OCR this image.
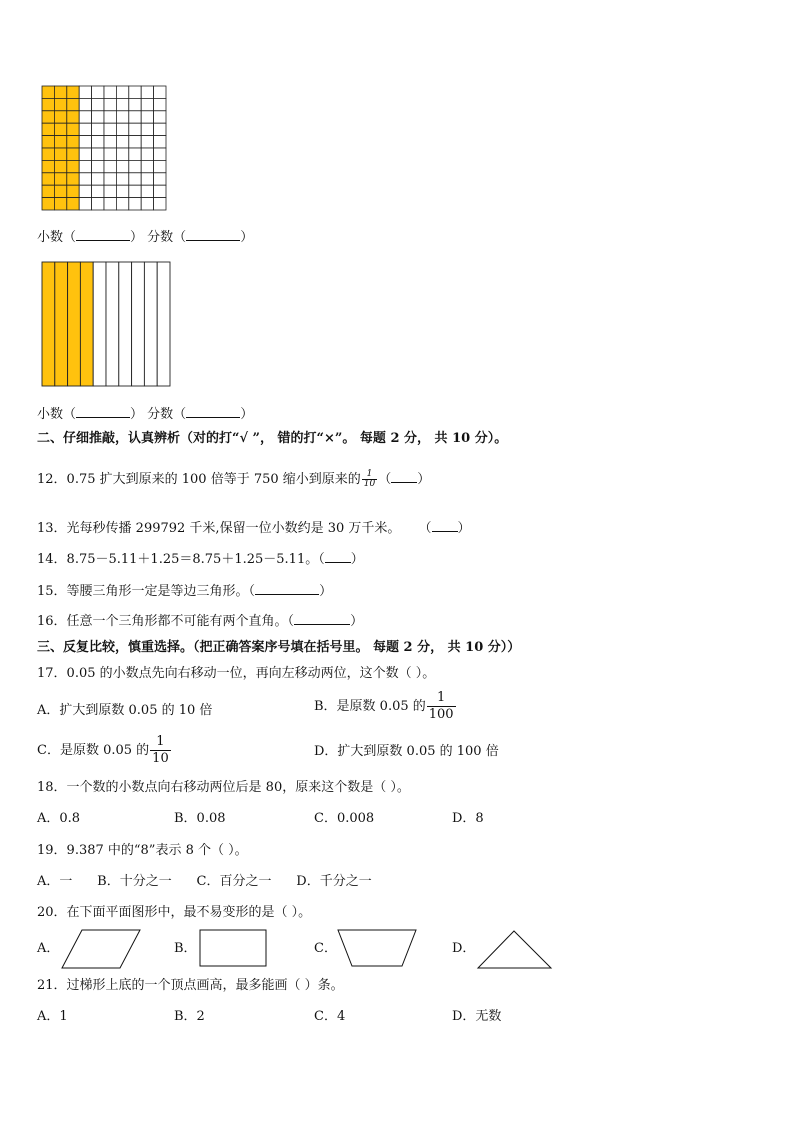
小数（	） 分数（	）
小数（	） 分数（	）
二、仔细推敲，认真辨析（对的打“√ ”， 错的打“×”。 每题 2 分， 共 10 分）。
12．0.75 扩大到原来的 100 倍等于 750 缩小到原来的 $\frac{1}{10}$ （ ）
13．光每秒传播 299792 千米,保留一位小数约是 30 万千米。 （ ）
14．8.75－5.11＋1.25＝8.75＋1.25－5.11。（ ）
15．等腰三角形一定是等边三角形。（	）
16．任意一个三角形都不可能有两个直角。（	）
三、反复比较，慎重选择。（把正确答案序号填在括号里。 每题 2 分， 共 10 分））
17．0.05 的小数点先向右移动一位，再向左移动两位，这个数（ ）。
A．扩大到原数 0.05 的 10 倍	B．是原数 0.05 的 $\frac{1}{100}$
C．是原数 0.05 的 $\frac{1}{10}$	D．扩大到原数 0.05 的 100 倍
18．一个数的小数点向右移动两位后是 80，原来这个数是（ ）。
A．0.8	B．0.08	C．0.008	D．8
19．9.387 中的“8”表示 8 个（ ）。
A．一      B．十分之一      C．百分之一      D．千分之一
20．在下面平面图形中，最不易变形的是（ ）。
A．	B．	C．	D．
21．过梯形上底的一个顶点画高，最多能画（ ）条。
A．1	B．2	C．4	D．无数
